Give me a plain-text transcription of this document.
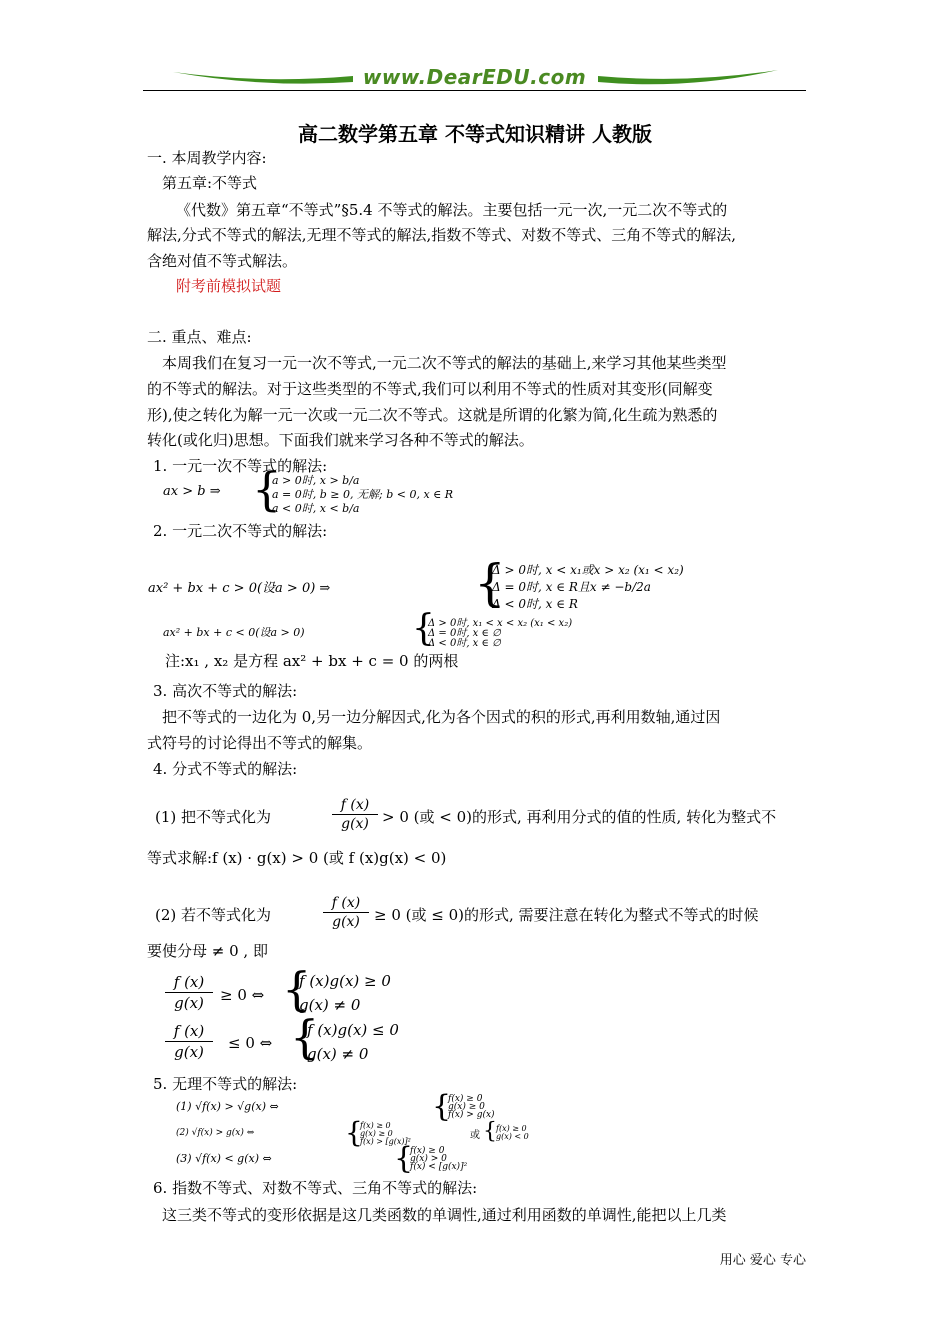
www.DearEDU.com
高二数学第五章 不等式知识精讲 人教版
一. 本周教学内容:
第五章:不等式
《代数》第五章“不等式”§5.4 不等式的解法。主要包括一元一次,一元二次不等式的
解法,分式不等式的解法,无理不等式的解法,指数不等式、对数不等式、三角不等式的解法,
含绝对值不等式解法。
附考前模拟试题
二. 重点、难点:
本周我们在复习一元一次不等式,一元二次不等式的解法的基础上,来学习其他某些类型
的不等式的解法。对于这些类型的不等式,我们可以利用不等式的性质对其变形(同解变
形),使之转化为解一元一次或一元二次不等式。这就是所谓的化繁为简,化生疏为熟悉的
转化(或化归)思想。下面我们就来学习各种不等式的解法。
1. 一元一次不等式的解法:
ax > b ⇒ {
a > 0时, x > b/a
a = 0时, b ≥ 0, 无解; b < 0, x ∈ R
a < 0时, x < b/a
2. 一元二次不等式的解法:
ax² + bx + c > 0(设a > 0) ⇒	{
Δ > 0时, x < x₁或x > x₂ (x₁ < x₂)
Δ = 0时, x ∈ R且x ≠ −b/2a
Δ < 0时, x ∈ R
ax² + bx + c < 0(设a > 0)	{
Δ > 0时, x₁ < x < x₂ (x₁ < x₂)
Δ = 0时, x ∈ ∅
Δ < 0时, x ∈ ∅
注:x₁ , x₂ 是方程 ax² + bx + c = 0 的两根
3. 高次不等式的解法:
把不等式的一边化为 0,另一边分解因式,化为各个因式的积的形式,再利用数轴,通过因
式符号的讨论得出不等式的解集。
4. 分式不等式的解法:
(1) 把不等式化为	$\frac{f (x)}{g(x)} > 0$ (或 < 0)的形式, 再利用分式的值的性质, 转化为整式不
等式求解:f (x) · g(x) > 0 (或 f (x)g(x) < 0)
(2) 若不等式化为	$\frac{f (x)}{g(x)} \ge 0$ (或 ≤ 0)的形式, 需要注意在转化为整式不等式的时候
要使分母 ≠ 0 , 即
$\frac{f (x)}{g(x)} \ge 0$ ⇔ {
f (x)g(x) ≥ 0
g(x) ≠ 0
$\frac{f (x)}{g(x)} \le 0$ ⇔ {
f (x)g(x) ≤ 0
g(x) ≠ 0
5. 无理不等式的解法:
(1) √f(x) > √g(x) ⇔	{
f(x) ≥ 0
g(x) ≥ 0
f(x) > g(x)
(2) √f(x) > g(x) ⇔	{
f(x) ≥ 0
g(x) ≥ 0
f(x) > [g(x)]²
或 { f(x) ≥ 0
g(x) < 0
(3) √f(x) < g(x) ⇔	{
f(x) ≥ 0
g(x) > 0
f(x) < [g(x)]²
6. 指数不等式、对数不等式、三角不等式的解法:
这三类不等式的变形依据是这几类函数的单调性,通过利用函数的单调性,能把以上几类
用心 爱心 专心
